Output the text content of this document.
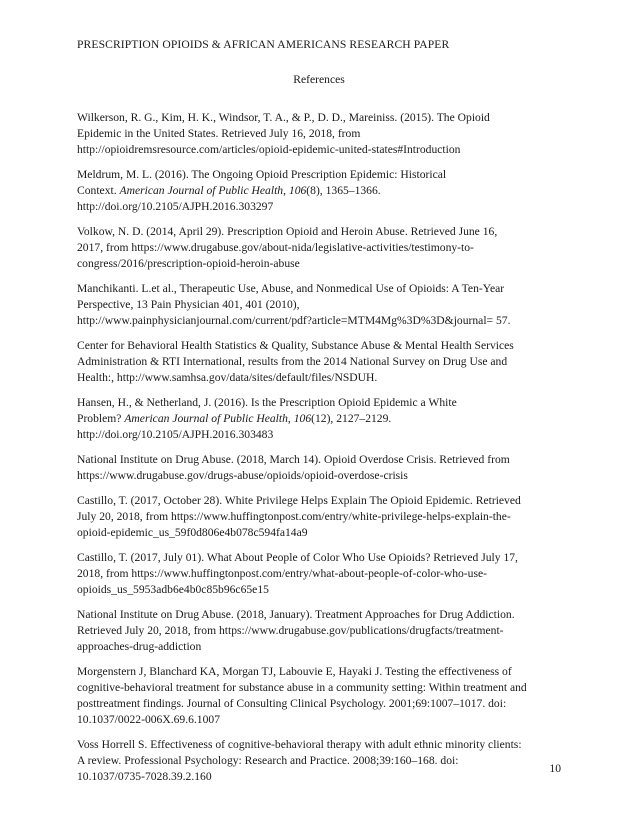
PRESCRIPTION OPIOIDS & AFRICAN AMERICANS RESEARCH PAPER
References
Wilkerson, R. G., Kim, H. K., Windsor, T. A., & P., D. D., Mareiniss. (2015). The Opioid
Epidemic in the United States. Retrieved July 16, 2018, from
http://opioidremsresource.com/articles/opioid-epidemic-united-states#Introduction
Meldrum, M. L. (2016). The Ongoing Opioid Prescription Epidemic: Historical
Context. American Journal of Public Health, 106(8), 1365–1366.
http://doi.org/10.2105/AJPH.2016.303297
Volkow, N. D. (2014, April 29). Prescription Opioid and Heroin Abuse. Retrieved June 16,
2017, from https://www.drugabuse.gov/about-nida/legislative-activities/testimony-to-
congress/2016/prescription-opioid-heroin-abuse
Manchikanti. L.et al., Therapeutic Use, Abuse, and Nonmedical Use of Opioids: A Ten-Year
Perspective, 13 Pain Physician 401, 401 (2010),
http://www.painphysicianjournal.com/current/pdf?article=MTM4Mg%3D%3D&journal= 57.
Center for Behavioral Health Statistics & Quality, Substance Abuse & Mental Health Services
Administration & RTI International, results from the 2014 National Survey on Drug Use and
Health:, http://www.samhsa.gov/data/sites/default/files/NSDUH.
Hansen, H., & Netherland, J. (2016). Is the Prescription Opioid Epidemic a White
Problem? American Journal of Public Health, 106(12), 2127–2129.
http://doi.org/10.2105/AJPH.2016.303483
National Institute on Drug Abuse. (2018, March 14). Opioid Overdose Crisis. Retrieved from
https://www.drugabuse.gov/drugs-abuse/opioids/opioid-overdose-crisis
Castillo, T. (2017, October 28). White Privilege Helps Explain The Opioid Epidemic. Retrieved
July 20, 2018, from https://www.huffingtonpost.com/entry/white-privilege-helps-explain-the-
opioid-epidemic_us_59f0d806e4b078c594fa14a9
Castillo, T. (2017, July 01). What About People of Color Who Use Opioids? Retrieved July 17,
2018, from https://www.huffingtonpost.com/entry/what-about-people-of-color-who-use-
opioids_us_5953adb6e4b0c85b96c65e15
National Institute on Drug Abuse. (2018, January). Treatment Approaches for Drug Addiction.
Retrieved July 20, 2018, from https://www.drugabuse.gov/publications/drugfacts/treatment-
approaches-drug-addiction
Morgenstern J, Blanchard KA, Morgan TJ, Labouvie E, Hayaki J. Testing the effectiveness of
cognitive-behavioral treatment for substance abuse in a community setting: Within treatment and
posttreatment findings. Journal of Consulting Clinical Psychology. 2001;69:1007–1017. doi:
10.1037/0022-006X.69.6.1007
Voss Horrell S. Effectiveness of cognitive-behavioral therapy with adult ethnic minority clients:
A review. Professional Psychology: Research and Practice. 2008;39:160–168. doi:
10.1037/0735-7028.39.2.160
10
